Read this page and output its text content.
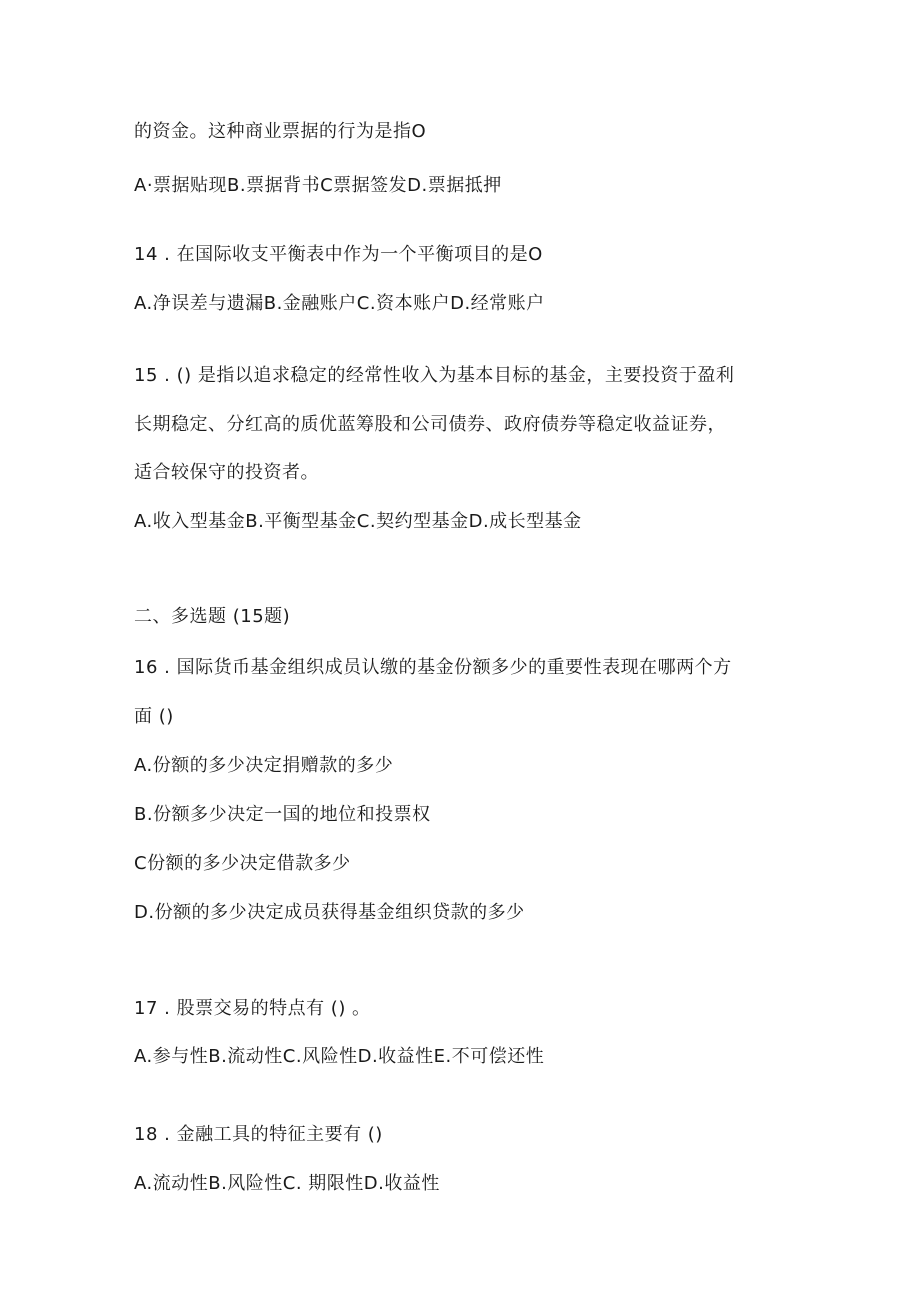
的资金。这种商业票据的行为是指O
A·票据贴现B.票据背书C票据签发D.票据抵押
14 . 在国际收支平衡表中作为一个平衡项目的是O
A.净误差与遗漏B.金融账户C.资本账户D.经常账户
15 . () 是指以追求稳定的经常性收入为基本目标的基金，主要投资于盈利
长期稳定、分红高的质优蓝筹股和公司债券、政府债券等稳定收益证券，
适合较保守的投资者。
A.收入型基金B.平衡型基金C.契约型基金D.成长型基金
二、多选题 (15题)
16 . 国际货币基金组织成员认缴的基金份额多少的重要性表现在哪两个方
面 ()
A.份额的多少决定捐赠款的多少
B.份额多少决定一国的地位和投票权
C份额的多少决定借款多少
D.份额的多少决定成员获得基金组织贷款的多少
17 . 股票交易的特点有 () 。
A.参与性B.流动性C.风险性D.收益性E.不可偿还性
18 . 金融工具的特征主要有 ()
A.流动性B.风险性C. 期限性D.收益性
